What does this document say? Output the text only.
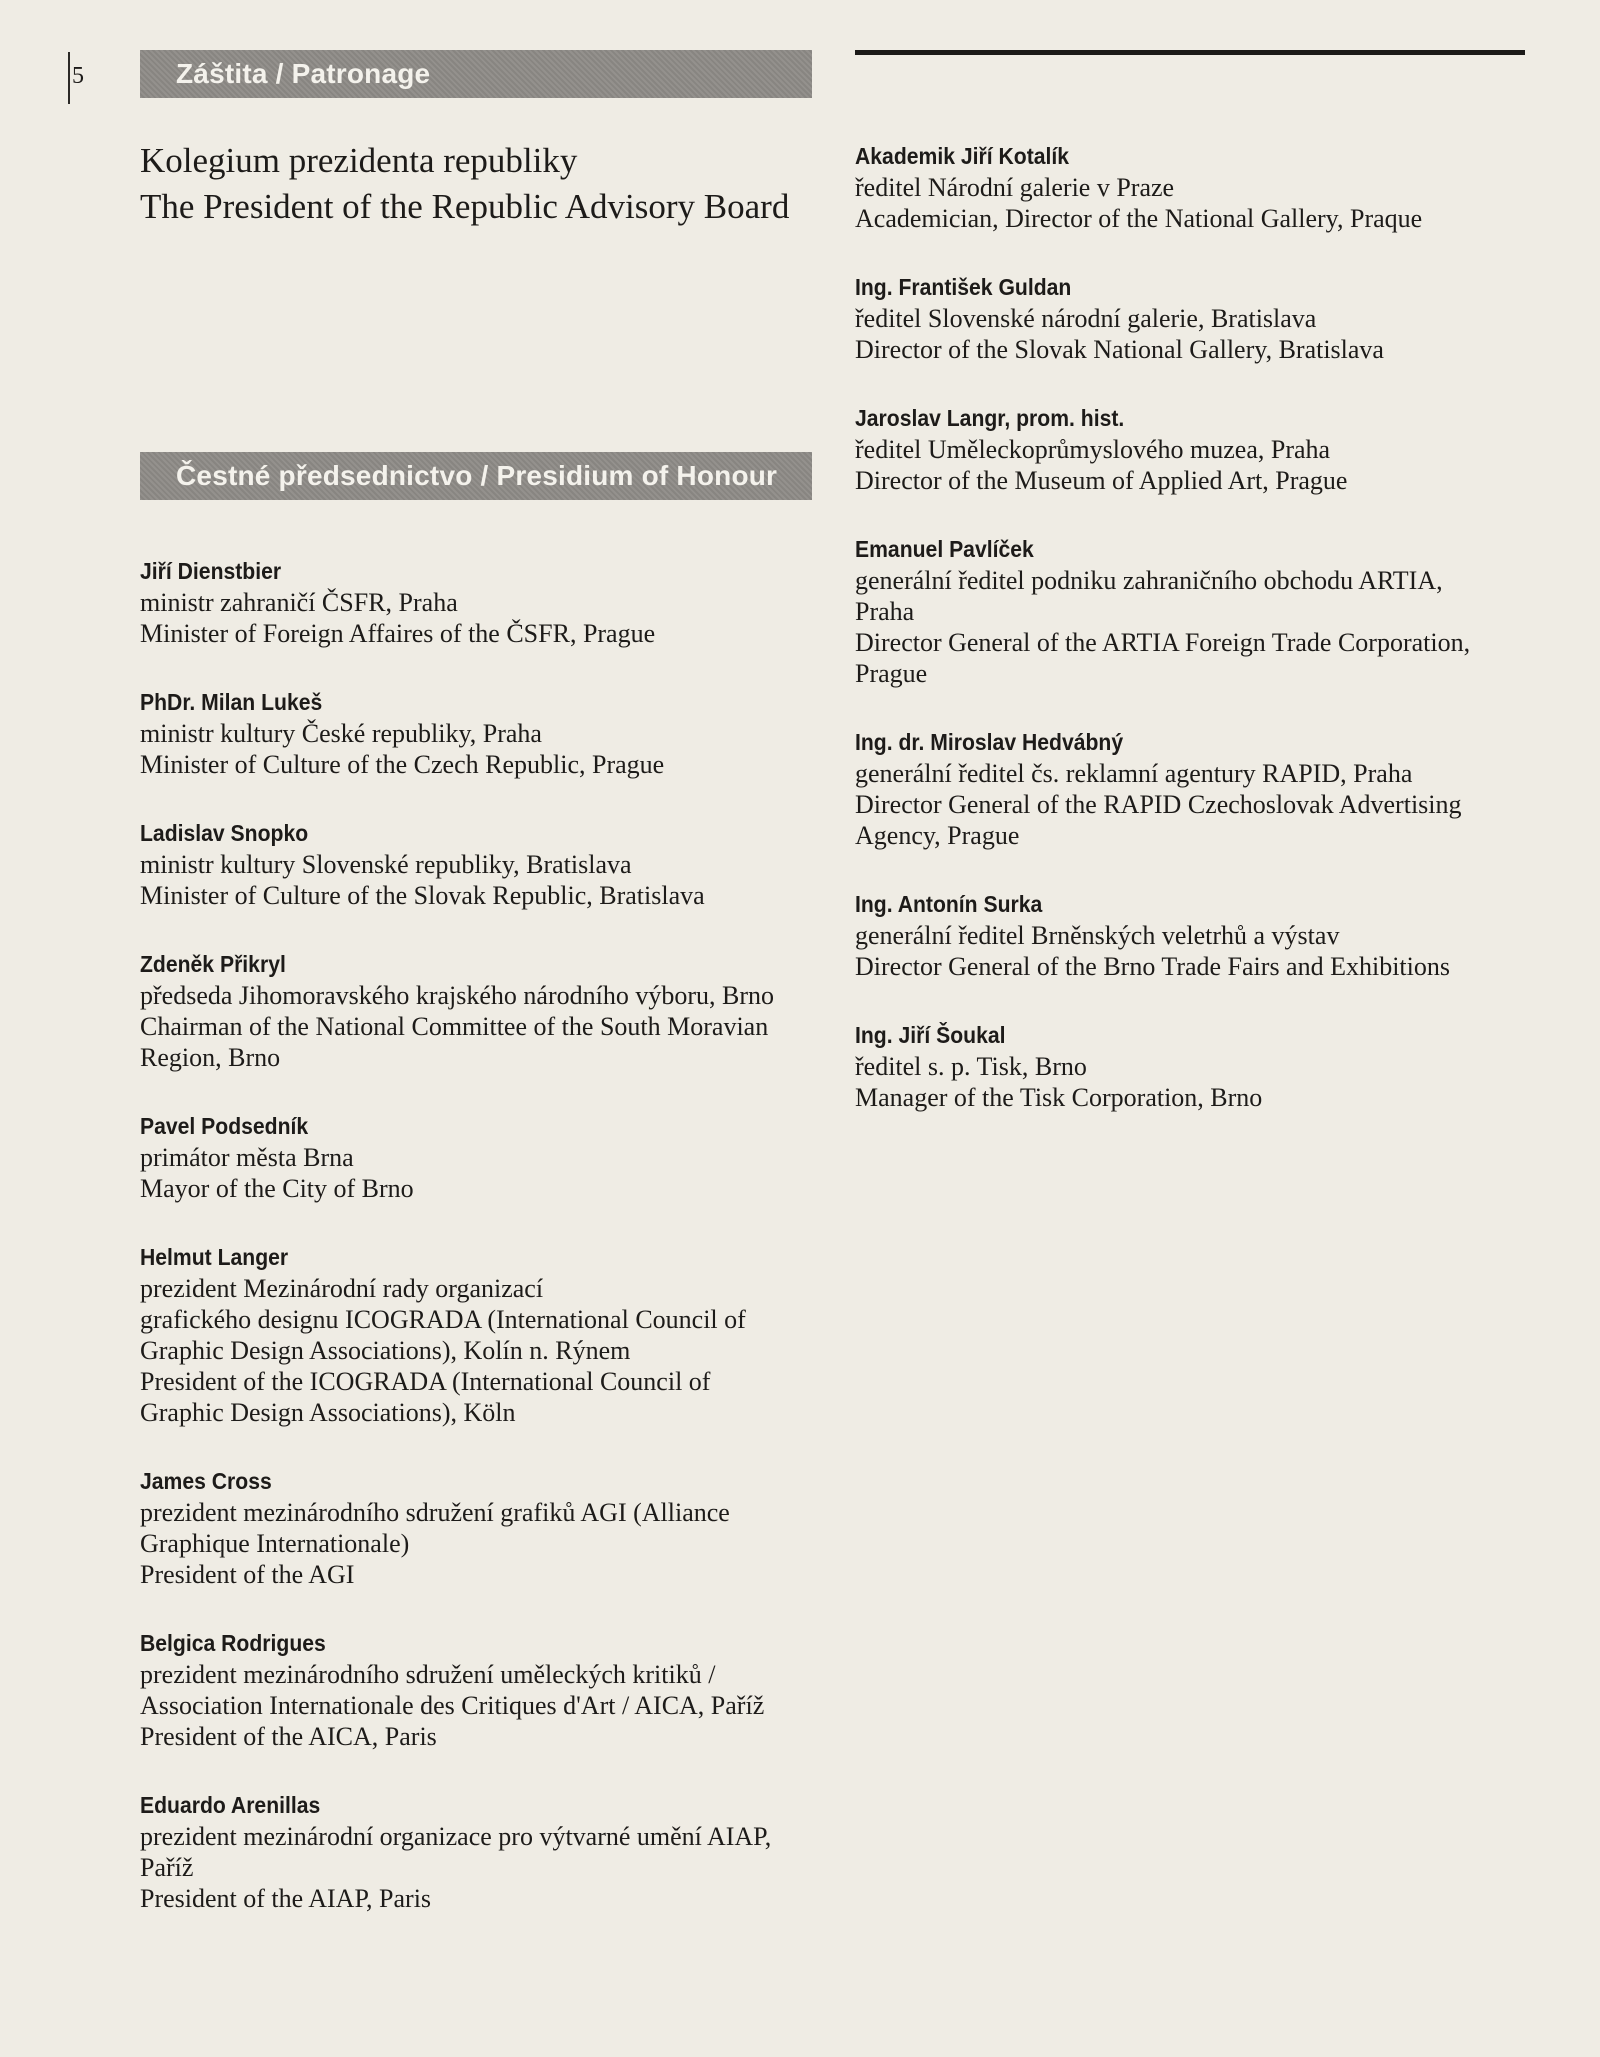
5	Záštita / Patronage
Kolegium prezidenta republiky
The President of the Republic Advisory Board
Čestné předsednictvo / Presidium of Honour
Jiří Dienstbier
ministr zahraničí ČSFR, Praha
Minister of Foreign Affaires of the ČSFR, Prague
PhDr. Milan Lukeš
ministr kultury České republiky, Praha
Minister of Culture of the Czech Republic, Prague
Ladislav Snopko
ministr kultury Slovenské republiky, Bratislava
Minister of Culture of the Slovak Republic, Bratislava
Zdeněk Přikryl
předseda Jihomoravského krajského národního výboru, Brno
Chairman of the National Committee of the South Moravian
Region, Brno
Pavel Podsedník
primátor města Brna
Mayor of the City of Brno
Helmut Langer
prezident Mezinárodní rady organizací
grafického designu ICOGRADA (International Council of
Graphic Design Associations), Kolín n. Rýnem
President of the ICOGRADA (International Council of
Graphic Design Associations), Köln
James Cross
prezident mezinárodního sdružení grafiků AGI (Alliance
Graphique Internationale)
President of the AGI
Belgica Rodrigues
prezident mezinárodního sdružení uměleckých kritiků /
Association Internationale des Critiques d'Art / AICA, Paříž
President of the AICA, Paris
Eduardo Arenillas
prezident mezinárodní organizace pro výtvarné umění AIAP,
Paříž
President of the AIAP, Paris
Akademik Jiří Kotalík
ředitel Národní galerie v Praze
Academician, Director of the National Gallery, Praque
Ing. František Guldan
ředitel Slovenské národní galerie, Bratislava
Director of the Slovak National Gallery, Bratislava
Jaroslav Langr, prom. hist.
ředitel Uměleckoprůmyslového muzea, Praha
Director of the Museum of Applied Art, Prague
Emanuel Pavlíček
generální ředitel podniku zahraničního obchodu ARTIA,
Praha
Director General of the ARTIA Foreign Trade Corporation,
Prague
Ing. dr. Miroslav Hedvábný
generální ředitel čs. reklamní agentury RAPID, Praha
Director General of the RAPID Czechoslovak Advertising
Agency, Prague
Ing. Antonín Surka
generální ředitel Brněnských veletrhů a výstav
Director General of the Brno Trade Fairs and Exhibitions
Ing. Jiří Šoukal
ředitel s. p. Tisk, Brno
Manager of the Tisk Corporation, Brno
